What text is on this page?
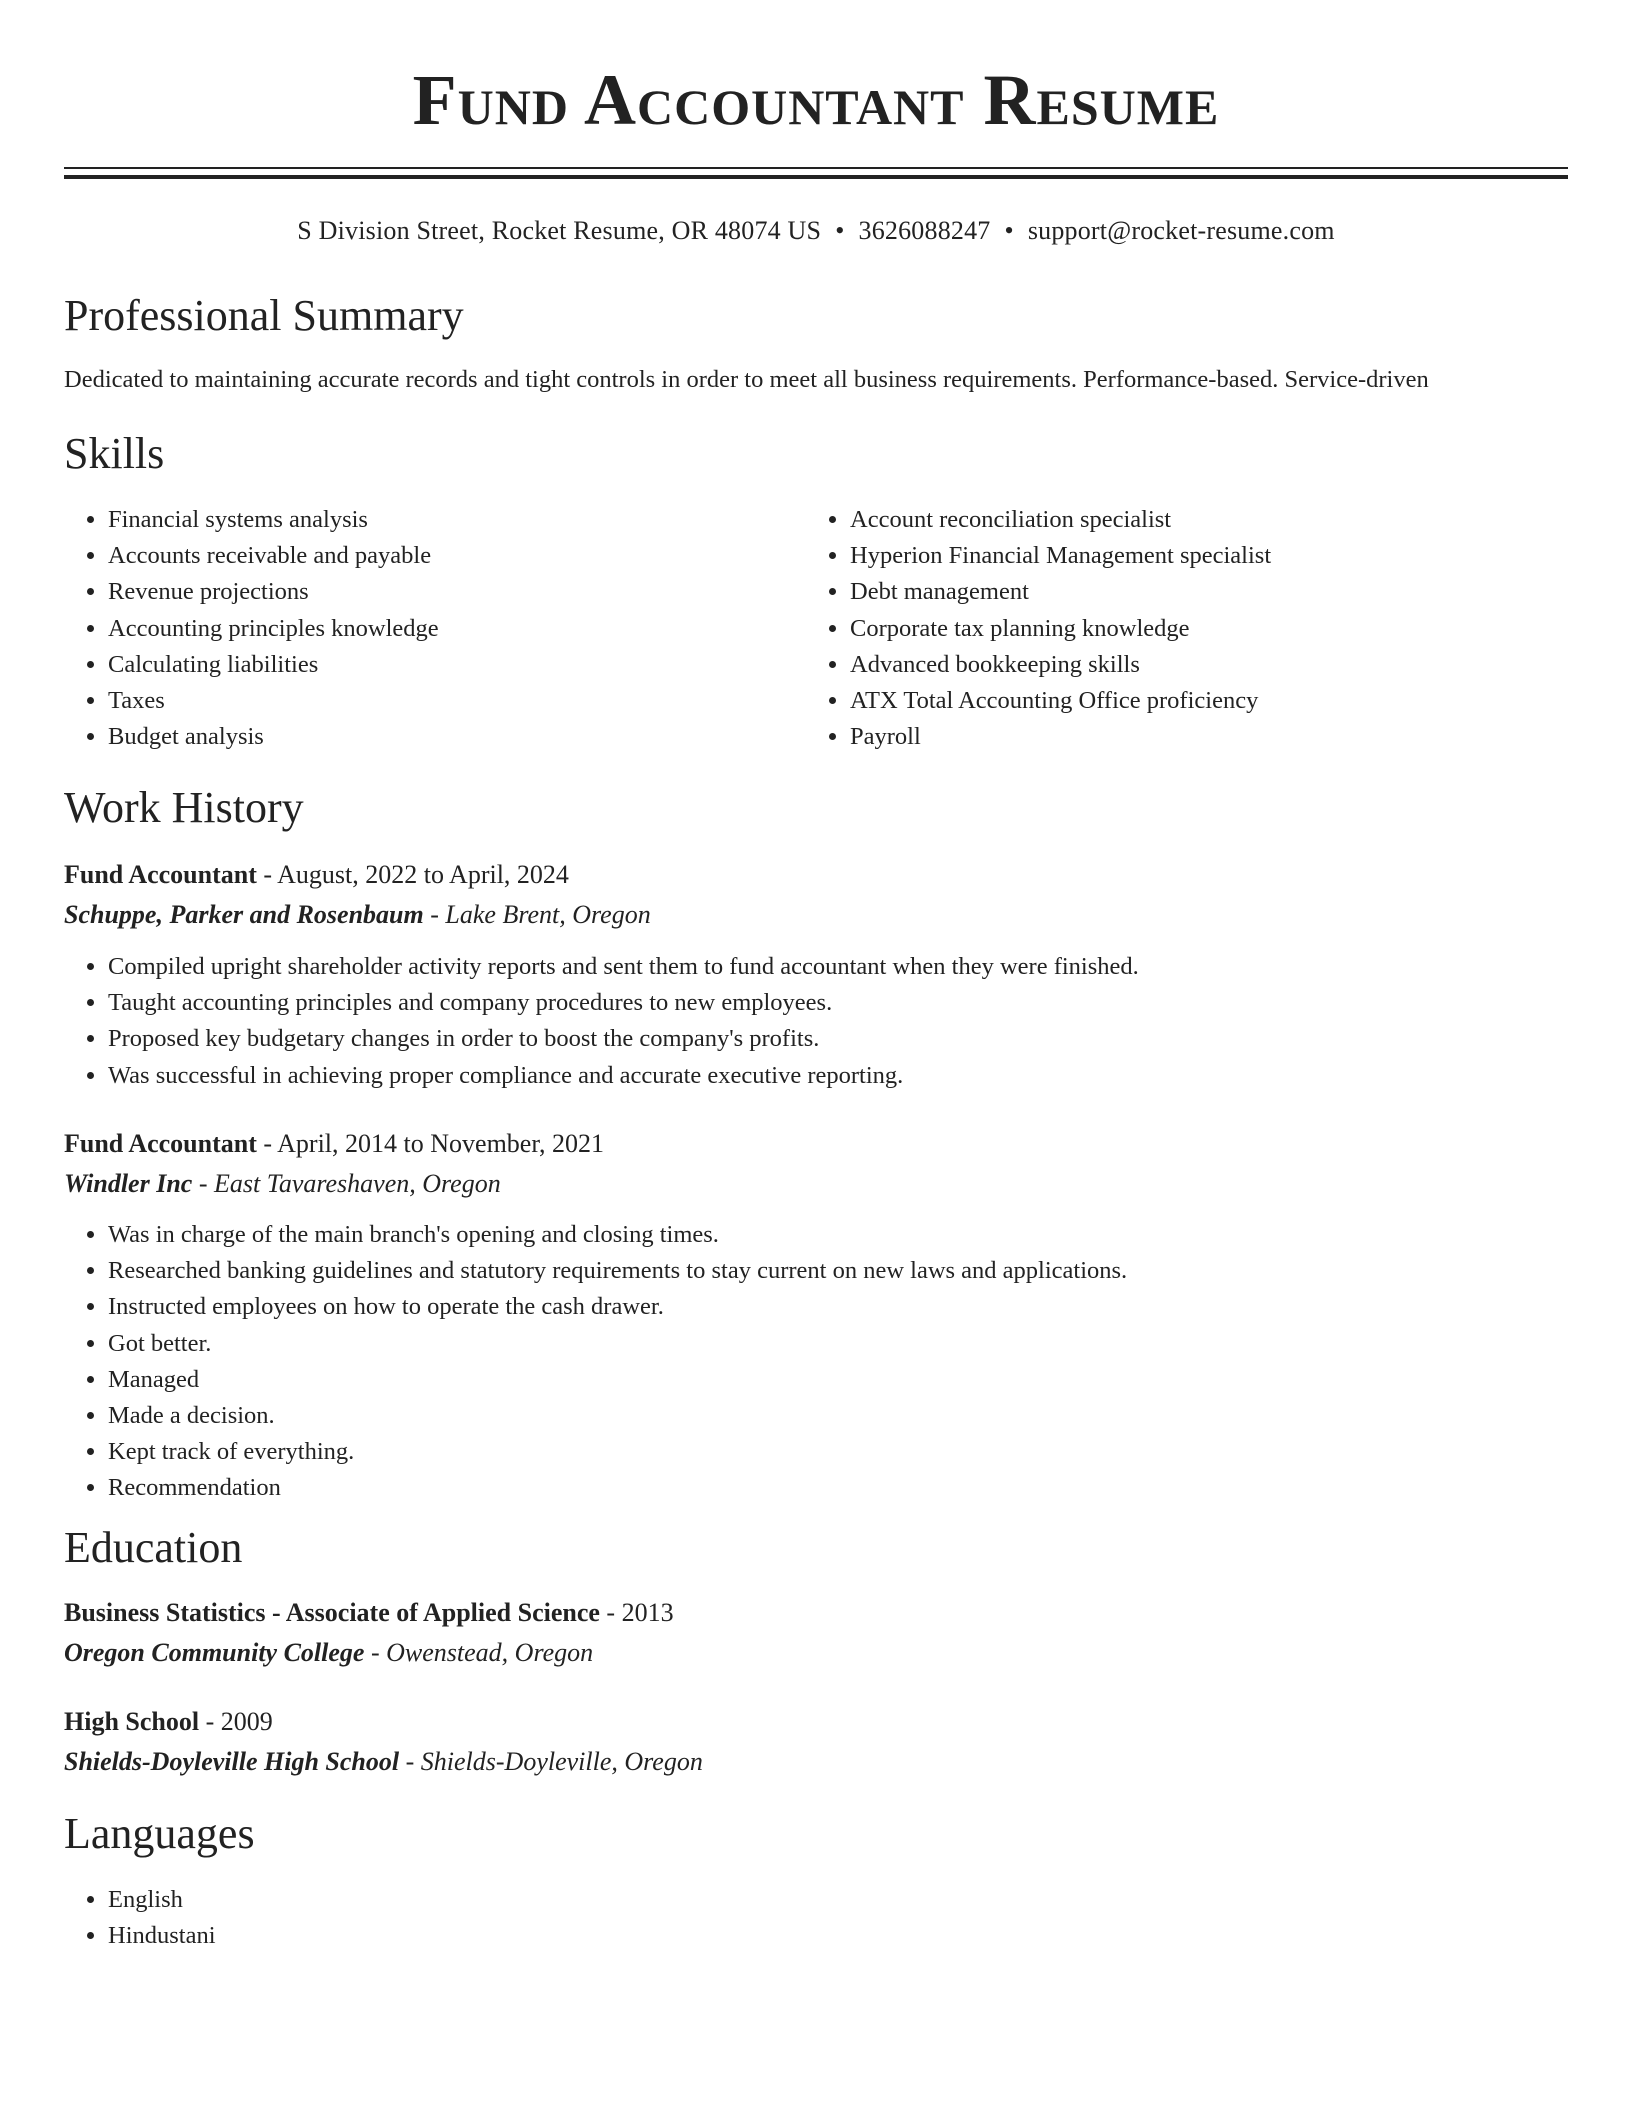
Fund Accountant Resume
S Division Street, Rocket Resume, OR 48074 US • 3626088247 • support@rocket-resume.com
Professional Summary

Dedicated to maintaining accurate records and tight controls in order to meet all business requirements. Performance-based. Service-driven

Skills
• Financial systems analysis
• Accounts receivable and payable
• Revenue projections
• Accounting principles knowledge
• Calculating liabilities
• Taxes
• Budget analysis
• Account reconciliation specialist
• Hyperion Financial Management specialist
• Debt management
• Corporate tax planning knowledge
• Advanced bookkeeping skills
• ATX Total Accounting Office proficiency
• Payroll
Work History
Fund Accountant - August, 2022 to April, 2024
Schuppe, Parker and Rosenbaum - Lake Brent, Oregon
• Compiled upright shareholder activity reports and sent them to fund accountant when they were finished.
• Taught accounting principles and company procedures to new employees.
• Proposed key budgetary changes in order to boost the company's profits.
• Was successful in achieving proper compliance and accurate executive reporting.
Fund Accountant - April, 2014 to November, 2021
Windler Inc - East Tavareshaven, Oregon
• Was in charge of the main branch's opening and closing times.
• Researched banking guidelines and statutory requirements to stay current on new laws and applications.
• Instructed employees on how to operate the cash drawer.
• Got better.
• Managed
• Made a decision.
• Kept track of everything.
• Recommendation
Education
Business Statistics - Associate of Applied Science - 2013
Oregon Community College - Owenstead, Oregon
High School - 2009
Shields-Doyleville High School - Shields-Doyleville, Oregon
Languages
• English
• Hindustani
